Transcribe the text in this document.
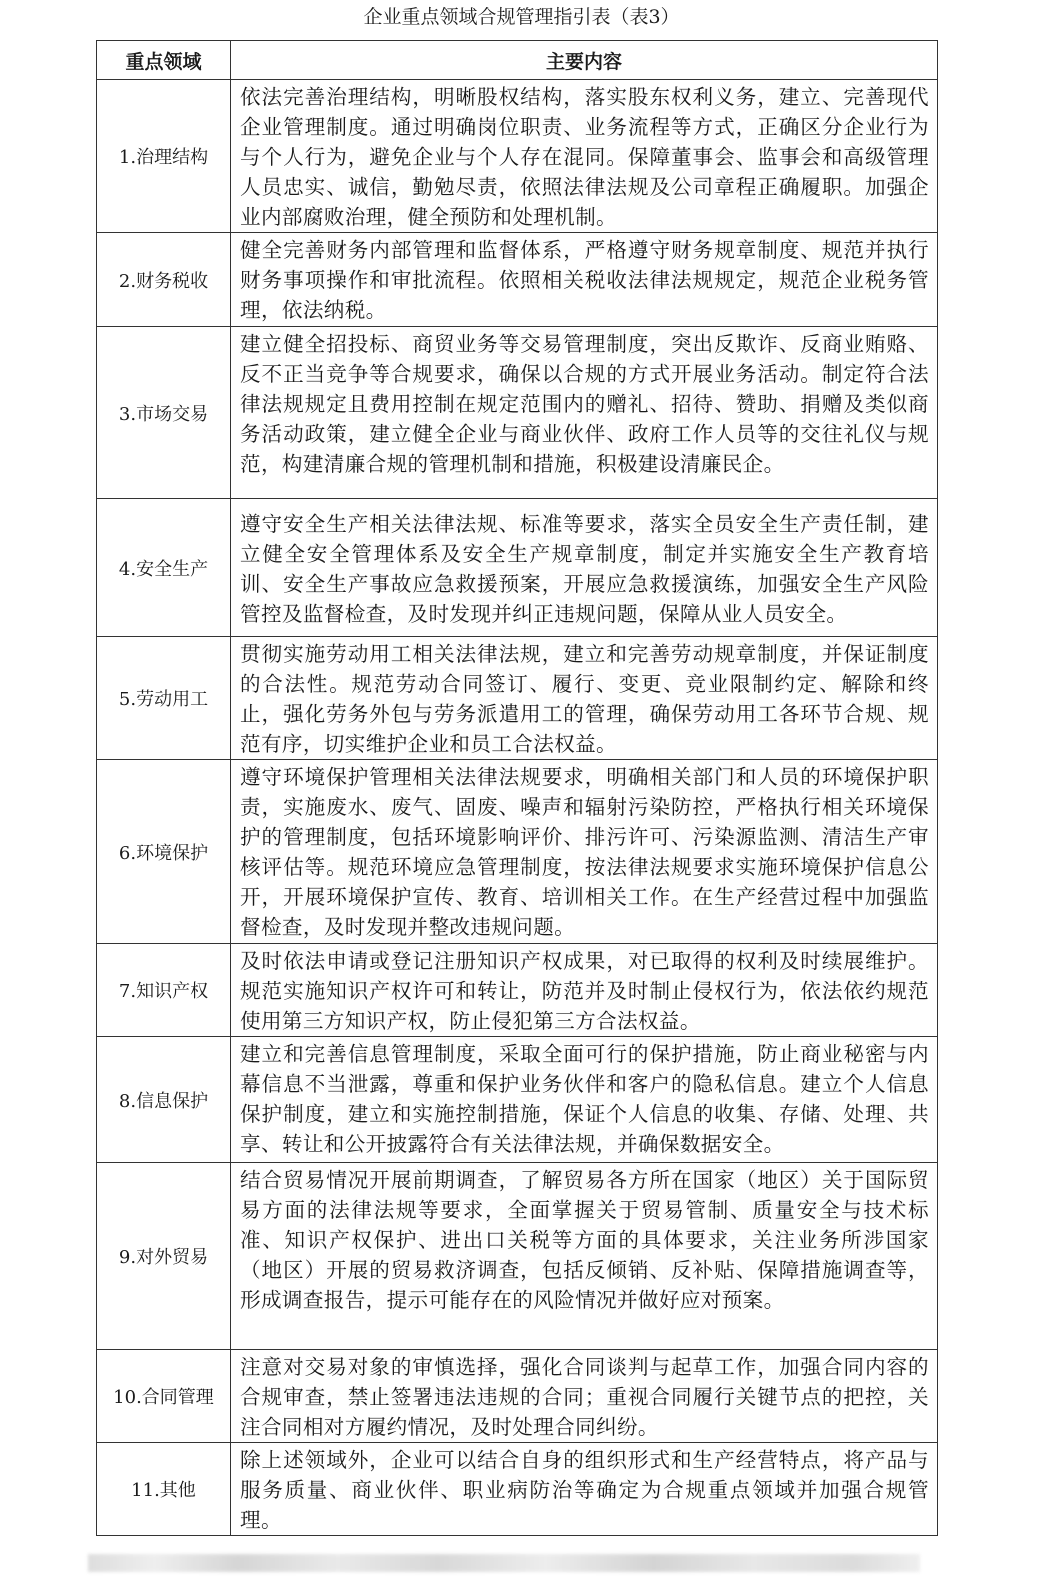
企业重点领域合规管理指引表（表3）
重点领域	主要内容
1.治理结构	依法完善治理结构，明晰股权结构，落实股东权利义务，建立、完善现代企业管理制度。通过明确岗位职责、业务流程等方式，正确区分企业行为与个人行为，避免企业与个人存在混同。保障董事会、监事会和高级管理人员忠实、诚信，勤勉尽责，依照法律法规及公司章程正确履职。加强企业内部腐败治理，健全预防和处理机制。
2.财务税收	健全完善财务内部管理和监督体系，严格遵守财务规章制度、规范并执行财务事项操作和审批流程。依照相关税收法律法规规定，规范企业税务管理，依法纳税。
3.市场交易	建立健全招投标、商贸业务等交易管理制度，突出反欺诈、反商业贿赂、反不正当竞争等合规要求，确保以合规的方式开展业务活动。制定符合法律法规规定且费用控制在规定范围内的赠礼、招待、赞助、捐赠及类似商务活动政策，建立健全企业与商业伙伴、政府工作人员等的交往礼仪与规范，构建清廉合规的管理机制和措施，积极建设清廉民企。
4.安全生产	遵守安全生产相关法律法规、标准等要求，落实全员安全生产责任制，建立健全安全管理体系及安全生产规章制度，制定并实施安全生产教育培训、安全生产事故应急救援预案，开展应急救援演练，加强安全生产风险管控及监督检查，及时发现并纠正违规问题，保障从业人员安全。
5.劳动用工	贯彻实施劳动用工相关法律法规，建立和完善劳动规章制度，并保证制度的合法性。规范劳动合同签订、履行、变更、竞业限制约定、解除和终止，强化劳务外包与劳务派遣用工的管理，确保劳动用工各环节合规、规范有序，切实维护企业和员工合法权益。
6.环境保护	遵守环境保护管理相关法律法规要求，明确相关部门和人员的环境保护职责，实施废水、废气、固废、噪声和辐射污染防控，严格执行相关环境保护的管理制度，包括环境影响评价、排污许可、污染源监测、清洁生产审核评估等。规范环境应急管理制度，按法律法规要求实施环境保护信息公开，开展环境保护宣传、教育、培训相关工作。在生产经营过程中加强监督检查，及时发现并整改违规问题。
7.知识产权	及时依法申请或登记注册知识产权成果，对已取得的权利及时续展维护。规范实施知识产权许可和转让，防范并及时制止侵权行为，依法依约规范使用第三方知识产权，防止侵犯第三方合法权益。
8.信息保护	建立和完善信息管理制度，采取全面可行的保护措施，防止商业秘密与内幕信息不当泄露，尊重和保护业务伙伴和客户的隐私信息。建立个人信息保护制度，建立和实施控制措施，保证个人信息的收集、存储、处理、共享、转让和公开披露符合有关法律法规，并确保数据安全。
9.对外贸易	结合贸易情况开展前期调查，了解贸易各方所在国家（地区）关于国际贸易方面的法律法规等要求，全面掌握关于贸易管制、质量安全与技术标准、知识产权保护、进出口关税等方面的具体要求，关注业务所涉国家（地区）开展的贸易救济调查，包括反倾销、反补贴、保障措施调查等，形成调查报告，提示可能存在的风险情况并做好应对预案。
10.合同管理	注意对交易对象的审慎选择，强化合同谈判与起草工作，加强合同内容的合规审查，禁止签署违法违规的合同；重视合同履行关键节点的把控，关注合同相对方履约情况，及时处理合同纠纷。
11.其他	除上述领域外，企业可以结合自身的组织形式和生产经营特点，将产品与服务质量、商业伙伴、职业病防治等确定为合规重点领域并加强合规管理。
